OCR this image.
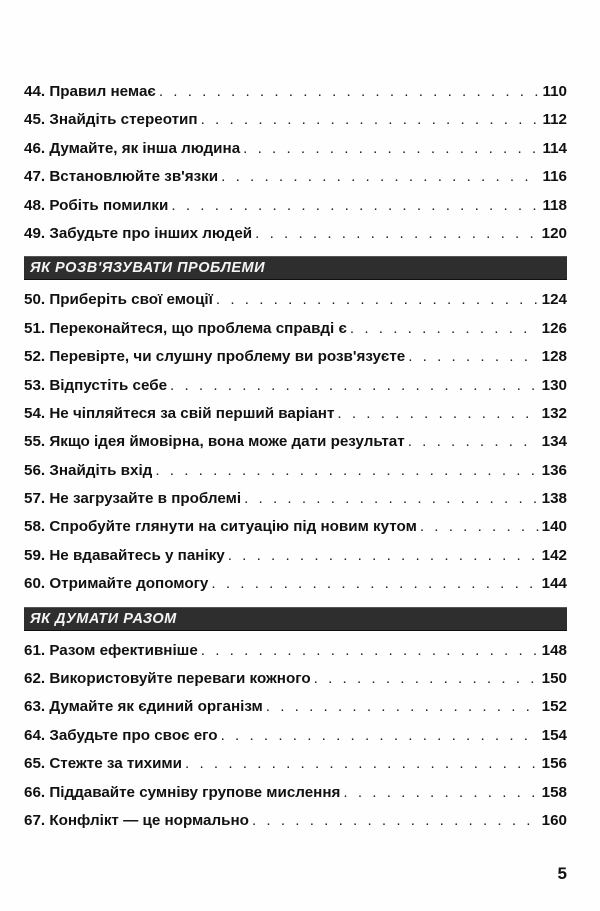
44. Правил немає . . .	110
45. Знайдіть стереотип . . .	112
46. Думайте, як інша людина . . .	114
47. Встановлюйте зв'язки . . .	116
48. Робіть помилки . . .	118
49. Забудьте про інших людей . . .	120
ЯК РОЗВ'ЯЗУВАТИ ПРОБЛЕМИ
50. Приберіть свої емоції . . .	124
51. Переконайтеся, що проблема справді є . . .	126
52. Перевірте, чи слушну проблему ви розв'язуєте . . .	128
53. Відпустіть себе . . .	130
54. Не чіпляйтеся за свій перший варіант . . .	132
55. Якщо ідея ймовірна, вона може дати результат . . .	134
56. Знайдіть вхід . . .	136
57. Не загрузайте в проблемі . . .	138
58. Спробуйте глянути на ситуацію під новим кутом . . .	140
59. Не вдавайтесь у паніку . . .	142
60. Отримайте допомогу . . .	144
ЯК ДУМАТИ РАЗОМ
61. Разом ефективніше . . .	148
62. Використовуйте переваги кожного . . .	150
63. Думайте як єдиний організм . . .	152
64. Забудьте про своє его . . .	154
65. Стежте за тихими . . .	156
66. Піддавайте сумніву групове мислення . . .	158
67. Конфлікт — це нормально . . .	160
5
